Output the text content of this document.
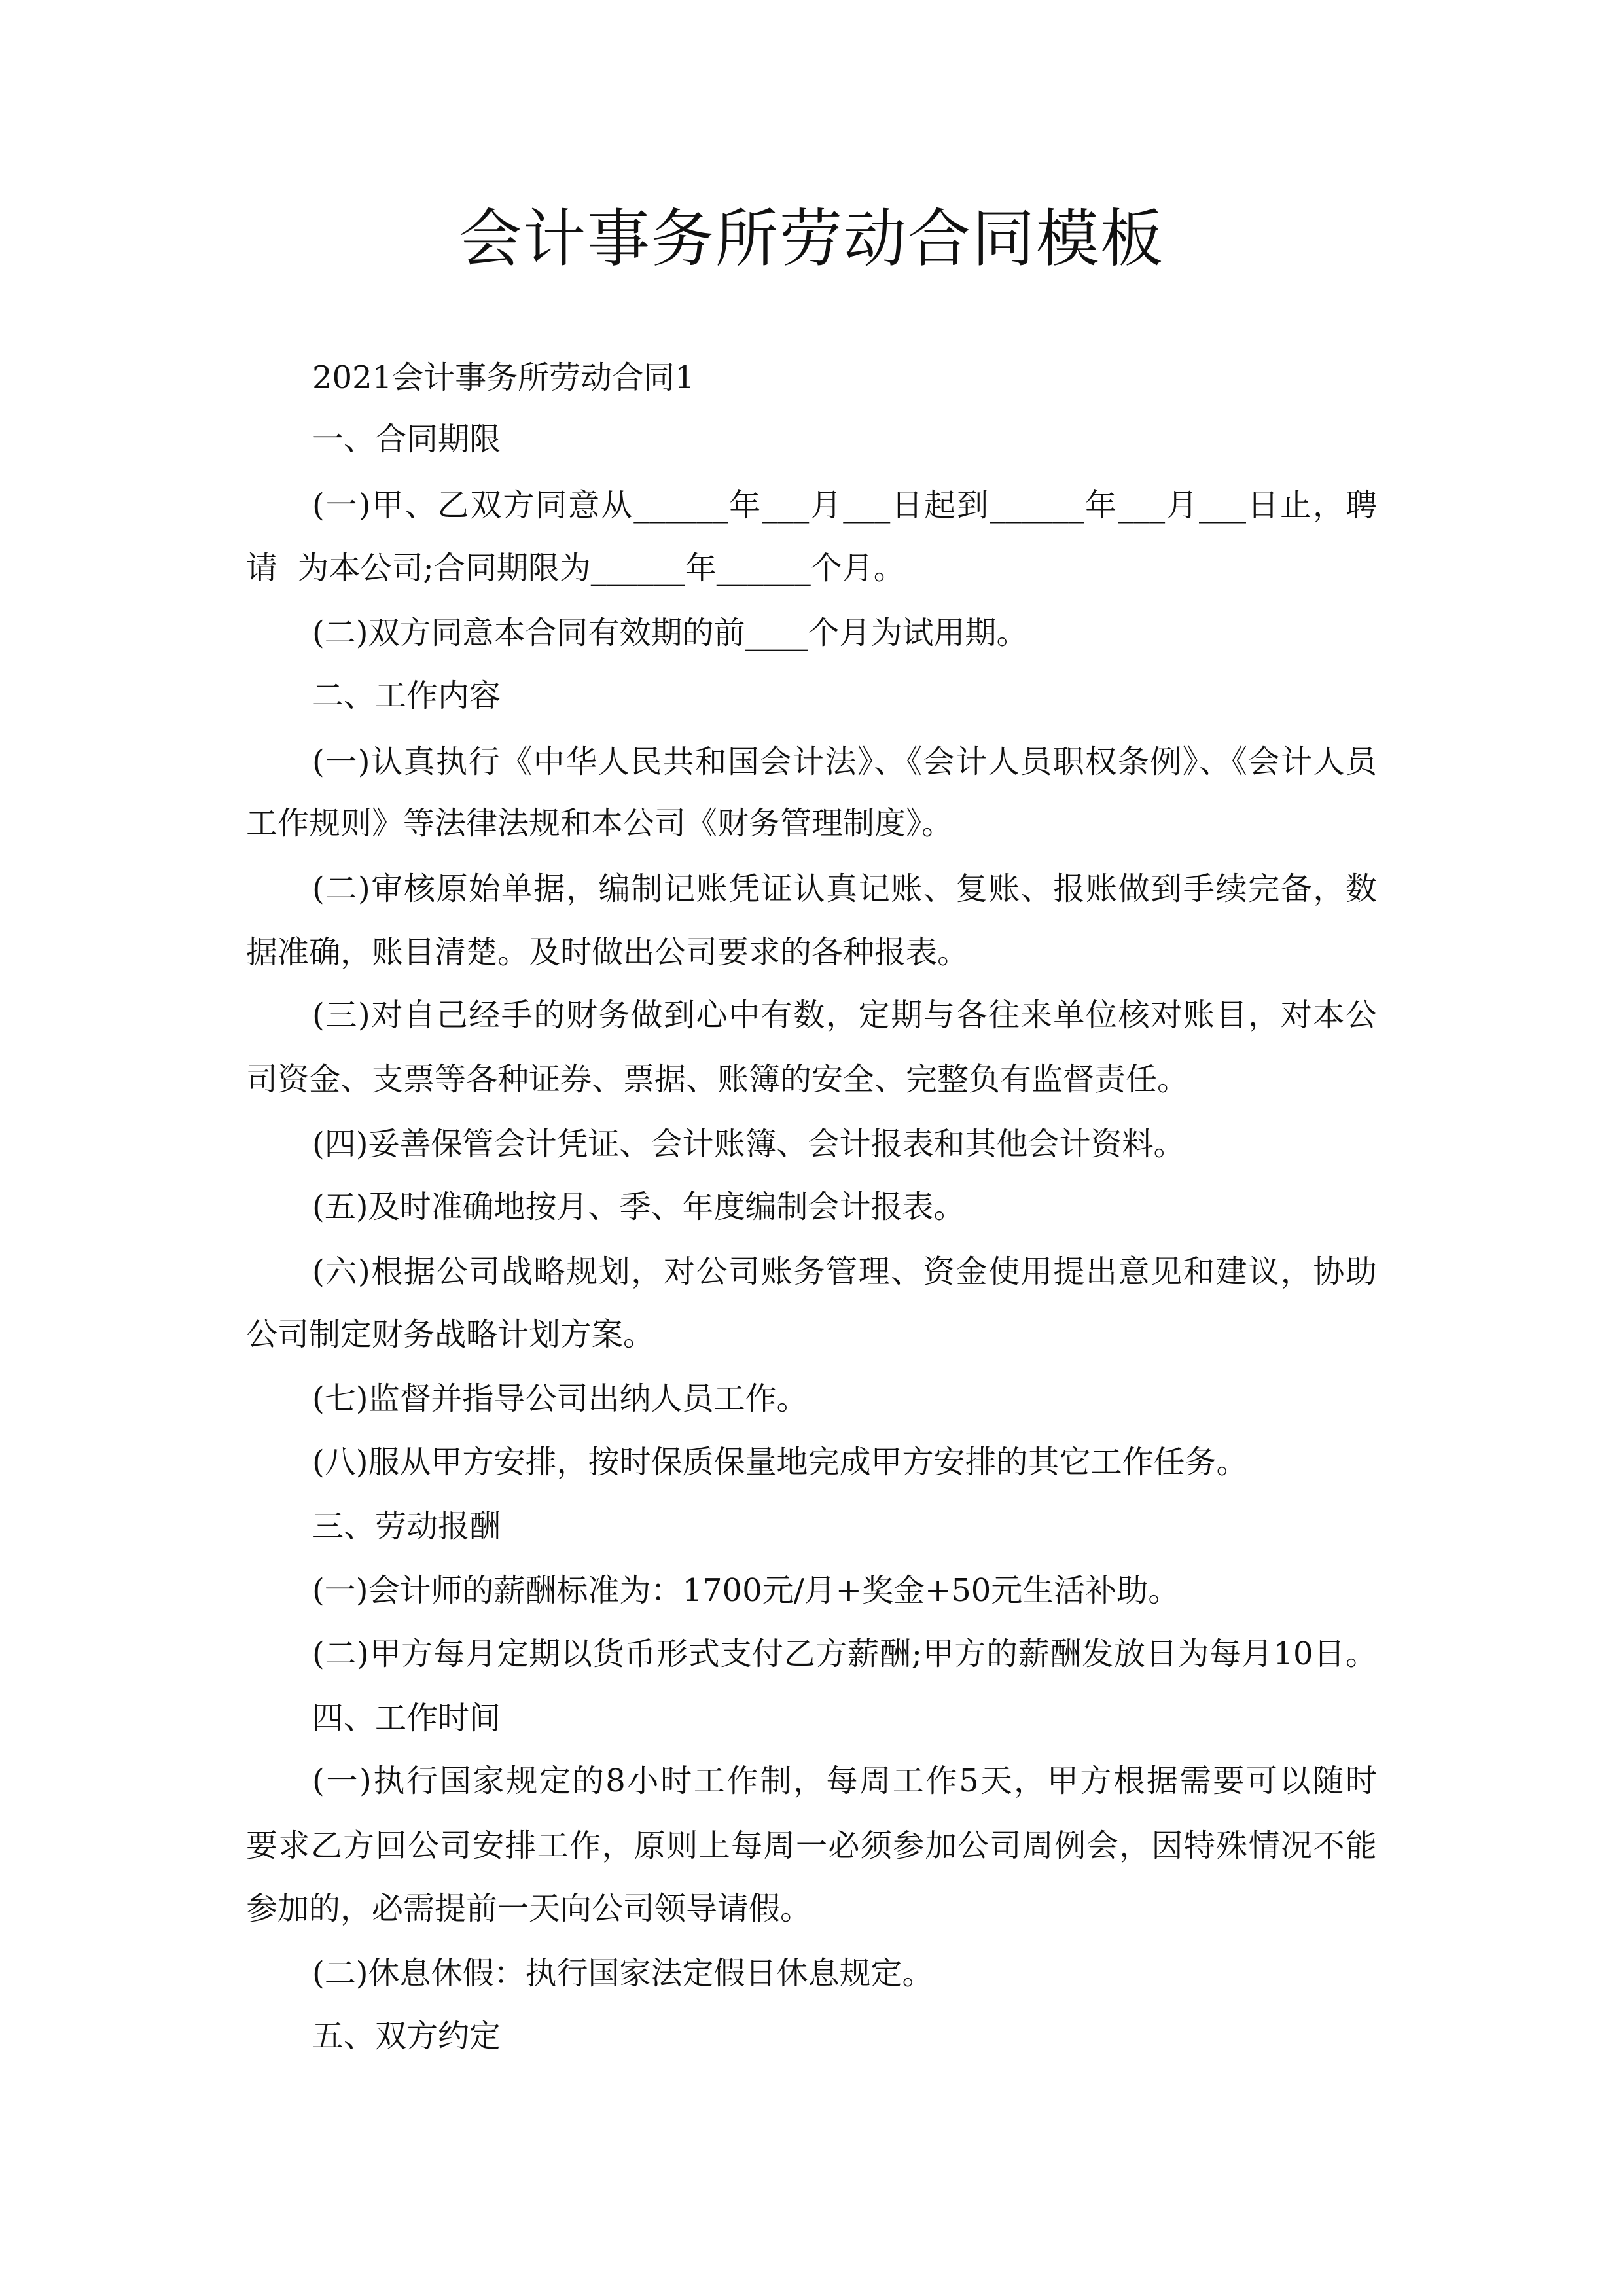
会计事务所劳动合同模板
2021会计事务所劳动合同1
一、合同期限
(一)甲、乙双方同意从______年___月___日起到______年___月___日止，聘
请  为本公司;合同期限为______年______个月。
(二)双方同意本合同有效期的前____个月为试用期。
二、工作内容
(一)认真执行《中华人民共和国会计法》、《会计人员职权条例》、《会计人员
工作规则》等法律法规和本公司《财务管理制度》。
(二)审核原始单据，编制记账凭证认真记账、复账、报账做到手续完备，数
据准确，账目清楚。及时做出公司要求的各种报表。
(三)对自己经手的财务做到心中有数，定期与各往来单位核对账目，对本公
司资金、支票等各种证券、票据、账簿的安全、完整负有监督责任。
(四)妥善保管会计凭证、会计账簿、会计报表和其他会计资料。
(五)及时准确地按月、季、年度编制会计报表。
(六)根据公司战略规划，对公司账务管理、资金使用提出意见和建议，协助
公司制定财务战略计划方案。
(七)监督并指导公司出纳人员工作。
(八)服从甲方安排，按时保质保量地完成甲方安排的其它工作任务。
三、劳动报酬
(一)会计师的薪酬标准为：1700元/月+奖金+50元生活补助。
(二)甲方每月定期以货币形式支付乙方薪酬;甲方的薪酬发放日为每月10日。
四、工作时间
(一)执行国家规定的8小时工作制，每周工作5天，甲方根据需要可以随时
要求乙方回公司安排工作，原则上每周一必须参加公司周例会，因特殊情况不能
参加的，必需提前一天向公司领导请假。
(二)休息休假：执行国家法定假日休息规定。
五、双方约定
